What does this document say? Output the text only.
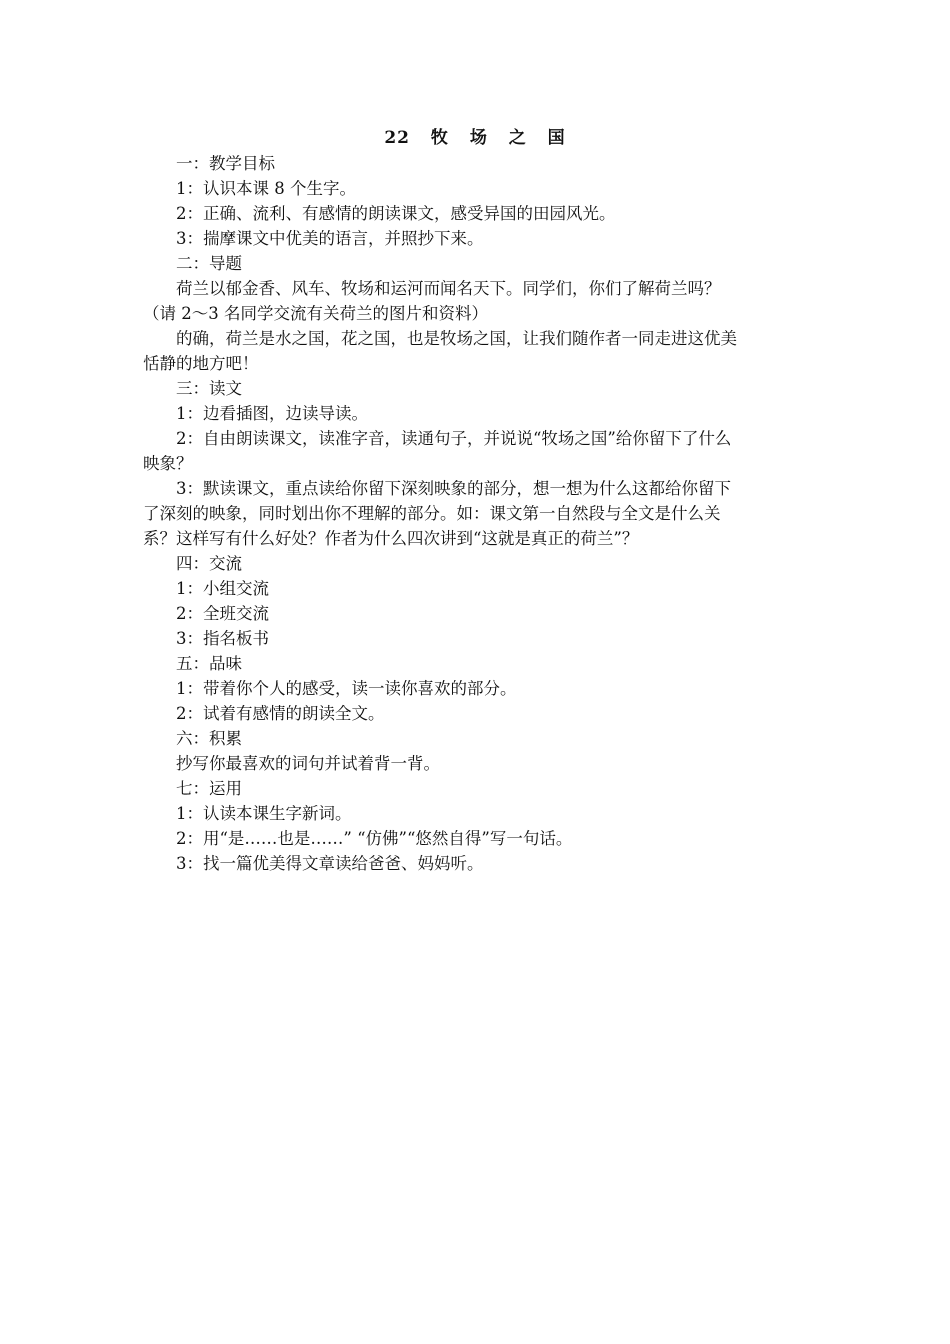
22 牧 场 之 国
一：教学目标
1：认识本课 8 个生字。
2：正确、流利、有感情的朗读课文，感受异国的田园风光。
3：揣摩课文中优美的语言，并照抄下来。
二：导题
荷兰以郁金香、风车、牧场和运河而闻名天下。同学们，你们了解荷兰吗？
（请 2～3 名同学交流有关荷兰的图片和资料）
的确，荷兰是水之国，花之国，也是牧场之国，让我们随作者一同走进这优美
恬静的地方吧！
三：读文
1：边看插图，边读导读。
2：自由朗读课文，读准字音，读通句子，并说说“牧场之国”给你留下了什么
映象？
3：默读课文，重点读给你留下深刻映象的部分，想一想为什么这都给你留下
了深刻的映象，同时划出你不理解的部分。如：课文第一自然段与全文是什么关
系？这样写有什么好处？作者为什么四次讲到“这就是真正的荷兰”？
四：交流
1：小组交流
2：全班交流
3：指名板书
五：品味
1：带着你个人的感受，读一读你喜欢的部分。
2：试着有感情的朗读全文。
六：积累
抄写你最喜欢的词句并试着背一背。
七：运用
1：认读本课生字新词。
2：用“是……也是……” “仿佛”“悠然自得”写一句话。
3：找一篇优美得文章读给爸爸、妈妈听。
